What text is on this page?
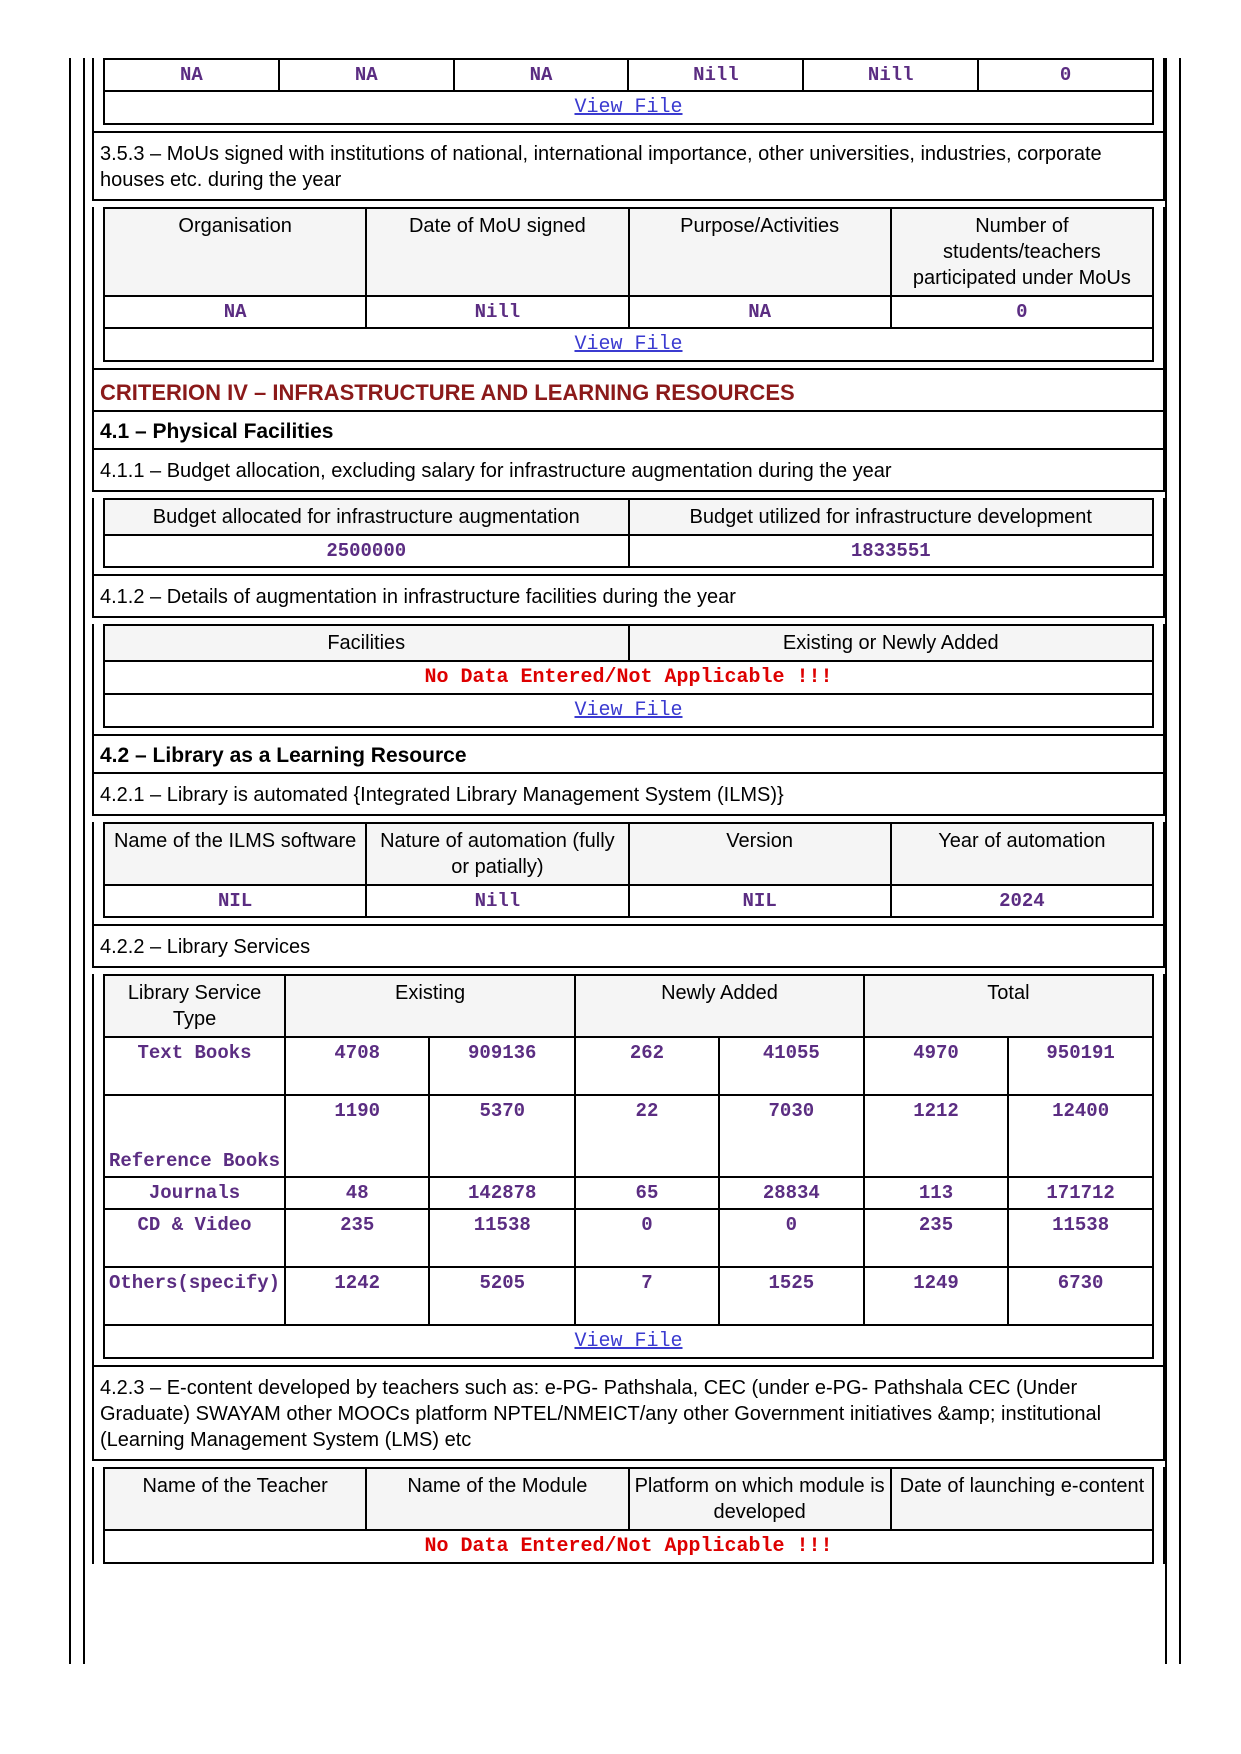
NA	NA	NA	Nill	Nill	0
View File
3.5.3 – MoUs signed with institutions of national, international importance, other universities, industries, corporate houses etc. during the year
Organisation	Date of MoU signed	Purpose/Activities	Number of students/teachers participated under MoUs
NA	Nill	NA	0
View File			
CRITERION IV – INFRASTRUCTURE AND LEARNING RESOURCES
4.1 – Physical Facilities
4.1.1 – Budget allocation, excluding salary for infrastructure augmentation during the year
Budget allocated for infrastructure augmentation	Budget utilized for infrastructure development
2500000	1833551
4.1.2 – Details of augmentation in infrastructure facilities during the year
Facilities	Existing or Newly Added
No Data Entered/Not Applicable !!!
View File
4.2 – Library as a Learning Resource
4.2.1 – Library is automated {Integrated Library Management System (ILMS)}
Name of the ILMS software	Nature of automation (fully or patially)	Version	Year of automation
NIL	Nill	NIL	2024
4.2.2 – Library Services
Library Service Type	Existing		Newly Added		Total	
Text Books	4708	909136	262	41055	4970	950191
Reference Books	1190	5370	22	7030	1212	12400
Journals	48	142878	65	28834	113	171712
CD & Video	235	11538	0	0	235	11538
Others(specify)	1242	5205	7	1525	1249	6730
View File						
4.2.3 – E-content developed by teachers such as: e-PG- Pathshala, CEC (under e-PG- Pathshala CEC (Under Graduate) SWAYAM other MOOCs platform NPTEL/NMEICT/any other Government initiatives &amp; institutional (Learning Management System (LMS) etc
Name of the Teacher	Name of the Module	Platform on which module is developed	Date of launching e-content
No Data Entered/Not Applicable !!!
